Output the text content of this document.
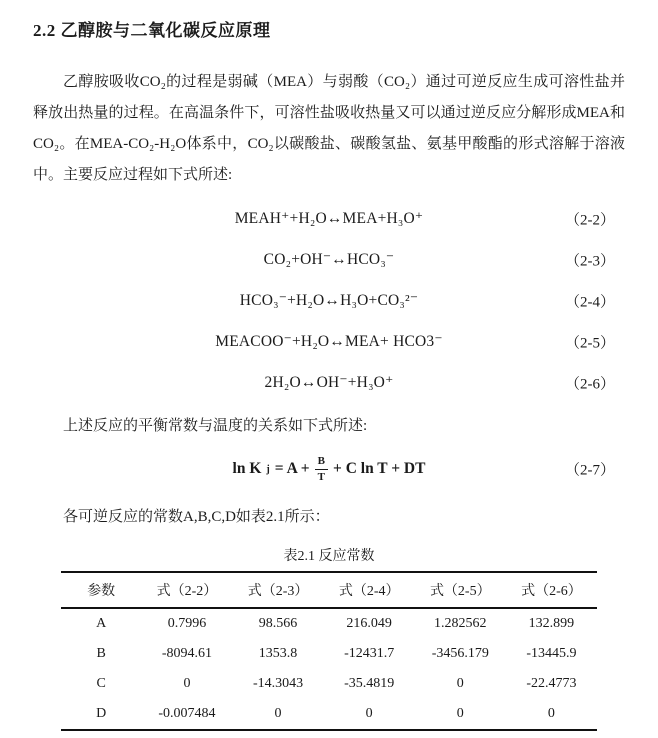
2.2 乙醇胺与二氧化碳反应原理

乙醇胺吸收CO₂的过程是弱碱（MEA）与弱酸（CO₂）通过可逆反应生成可溶性盐并释放出热量的过程。在高温条件下，可溶性盐吸收热量又可以通过逆反应分解形成MEA和CO₂。在MEA-CO₂-H₂O体系中，CO₂以碳酸盐、碳酸氢盐、氨基甲酸酯的形式溶解于溶液中。主要反应过程如下式所述:

MEAH⁺+H₂O↔MEA+H₃O⁺	（2-2）
CO₂+OH⁻↔HCO₃⁻	（2-3）
HCO₃⁻+H₂O↔H₃O+CO₃²⁻	（2-4）
MEACOO⁻+H₂O↔MEA+ HCO3⁻	（2-5）
2H₂O↔OH⁻+H₃O⁺	（2-6）

上述反应的平衡常数与温度的关系如下式所述:

ln K $j = A + \frac{B}{T} + C$ ln T + DT	（2-7）

各可逆反应的常数A,B,C,D如表2.1所示：

表2.1 反应常数
参数	式（2-2）	式（2-3）	式（2-4）	式（2-5）	式（2-6）
A	0.7996	98.566	216.049	1.282562	132.899
B	-8094.61	1353.8	-12431.7	-3456.179	-13445.9
C	0	-14.3043	-35.4819	0	-22.4773
D	-0.007484	0	0	0	0
